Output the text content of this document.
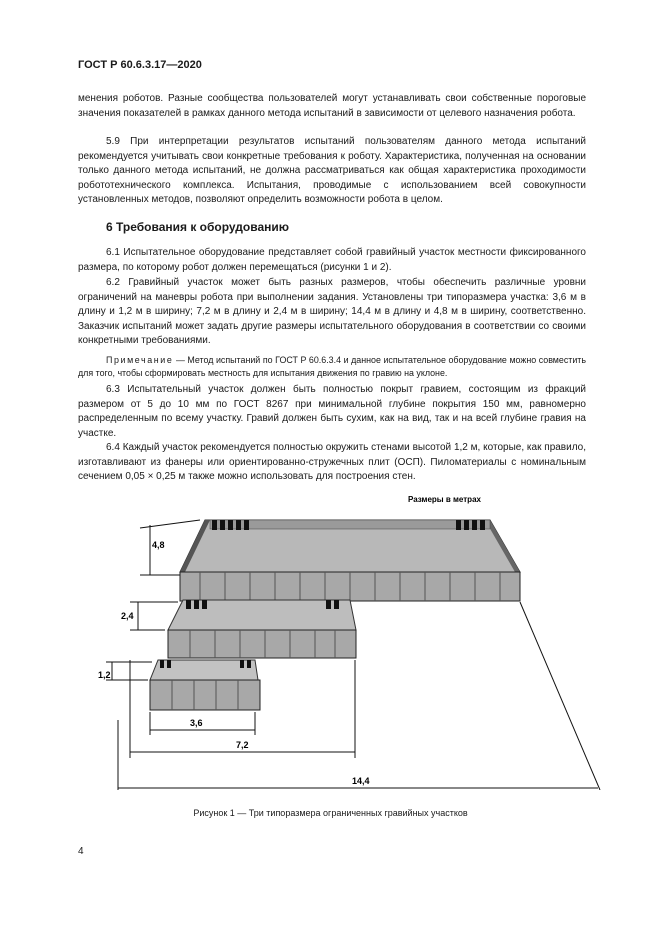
ГОСТ Р 60.6.3.17—2020
менения роботов. Разные сообщества пользователей могут устанавливать свои собственные пороговые значения показателей в рамках данного метода испытаний в зависимости от целевого назначения робота.
5.9 При интерпретации результатов испытаний пользователям данного метода испытаний рекомендуется учитывать свои конкретные требования к роботу. Характеристика, полученная на основании только данного метода испытаний, не должна рассматриваться как общая характеристика проходимости робототехнического комплекса. Испытания, проводимые с использованием всей совокупности установленных методов, позволяют определить возможности робота в целом.
6 Требования к оборудованию
6.1 Испытательное оборудование представляет собой гравийный участок местности фиксированного размера, по которому робот должен перемещаться (рисунки 1 и 2).
6.2 Гравийный участок может быть разных размеров, чтобы обеспечить различные уровни ограничений на маневры робота при выполнении задания. Установлены три типоразмера участка: 3,6 м в длину и 1,2 м в ширину; 7,2 м в длину и 2,4 м в ширину; 14,4 м в длину и 4,8 м в ширину, соответственно. Заказчик испытаний может задать другие размеры испытательного оборудования в соответствии со своими конкретными требованиями.
Примечание — Метод испытаний по ГОСТ Р 60.6.3.4 и данное испытательное оборудование можно совместить для того, чтобы сформировать местность для испытания движения по гравию на уклоне.
6.3 Испытательный участок должен быть полностью покрыт гравием, состоящим из фракций размером от 5 до 10 мм по ГОСТ 8267 при минимальной глубине покрытия 150 мм, равномерно распределенным по всему участку. Гравий должен быть сухим, как на вид, так и на всей глубине гравия на участке.
6.4 Каждый участок рекомендуется полностью окружить стенами высотой 1,2 м, которые, как правило, изготавливают из фанеры или ориентированно-стружечных плит (ОСП). Пиломатериалы с номинальным сечением 0,05 × 0,25 м также можно использовать для построения стен.
Размеры в метрах
4,8
2,4
1,2
3,6
7,2
14,4
Рисунок 1 — Три типоразмера ограниченных гравийных участков
4
